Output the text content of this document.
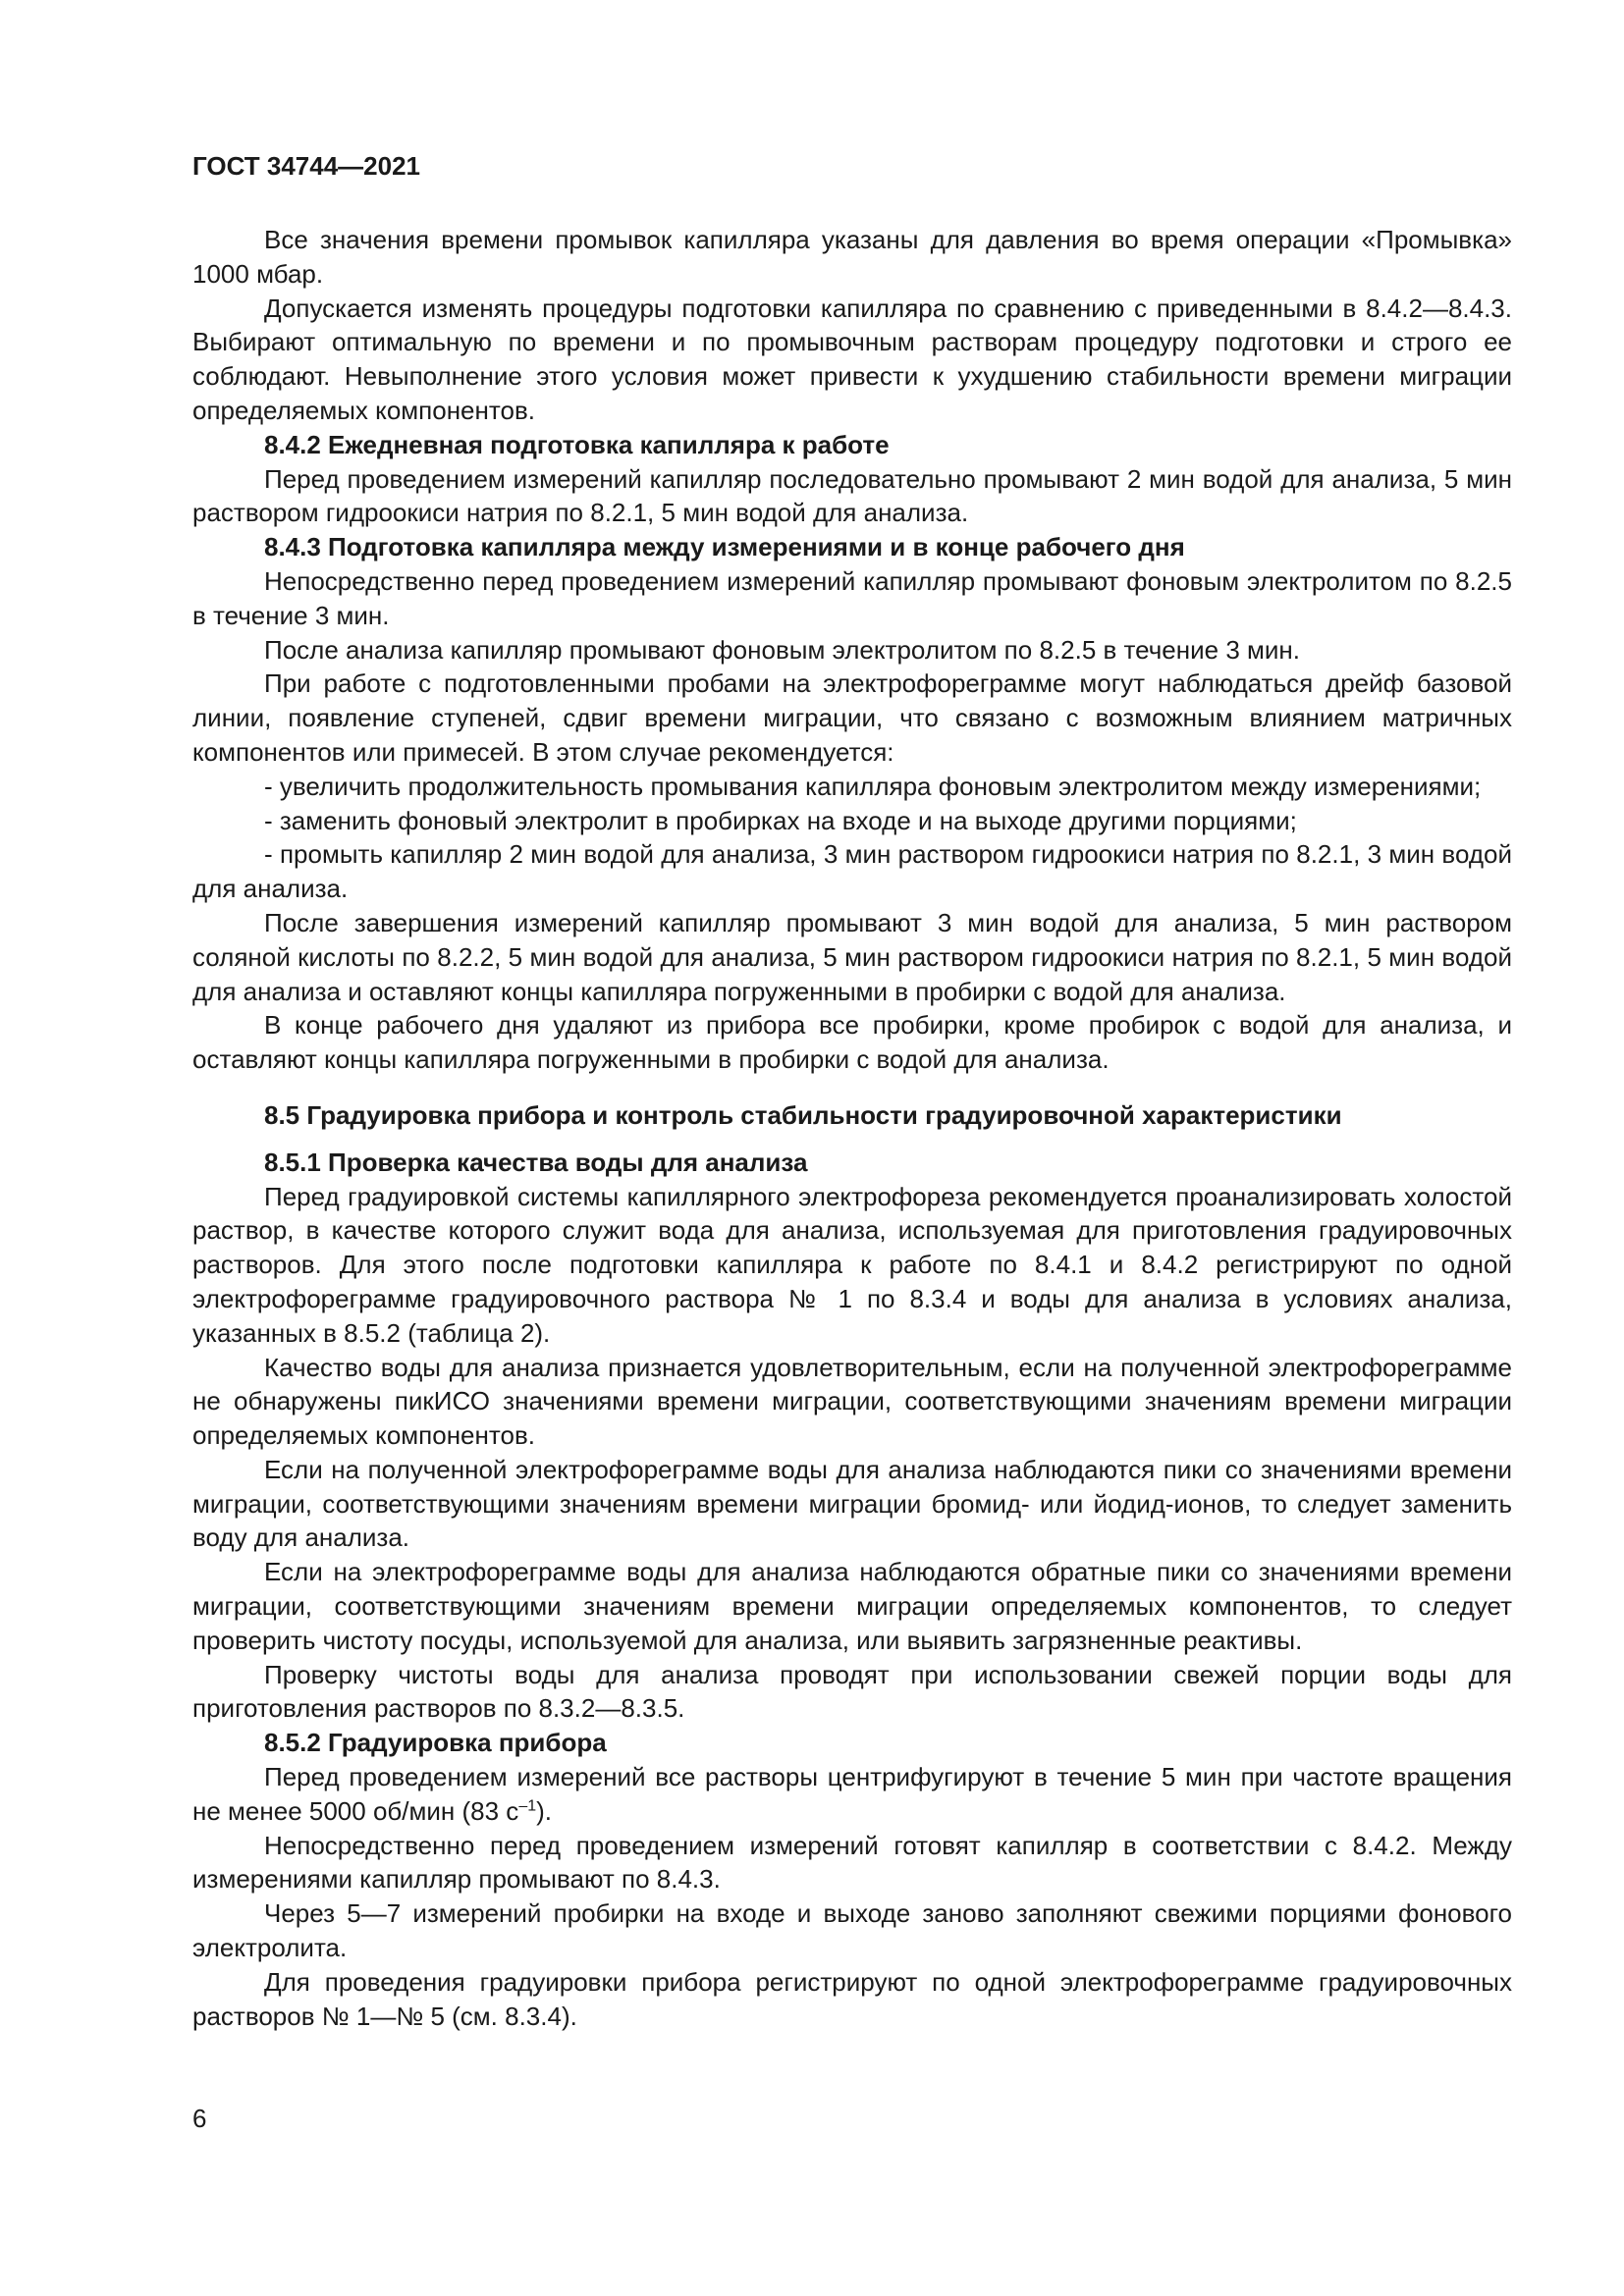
ГОСТ 34744—2021

Все значения времени промывок капилляра указаны для давления во время операции «Промывка» 1000 мбар.

Допускается изменять процедуры подготовки капилляра по сравнению с приведенными в 8.4.2—8.4.3. Выбирают оптимальную по времени и по промывочным растворам процедуру подготовки и строго ее соблюдают. Невыполнение этого условия может привести к ухудшению стабильности времени миграции определяемых компонентов.

8.4.2 Ежедневная подготовка капилляра к работе

Перед проведением измерений капилляр последовательно промывают 2 мин водой для анализа, 5 мин раствором гидроокиси натрия по 8.2.1, 5 мин водой для анализа.

8.4.3 Подготовка капилляра между измерениями и в конце рабочего дня

Непосредственно перед проведением измерений капилляр промывают фоновым электролитом по 8.2.5 в течение 3 мин.

После анализа капилляр промывают фоновым электролитом по 8.2.5 в течение 3 мин.

При работе с подготовленными пробами на электрофореграмме могут наблюдаться дрейф базовой линии, появление ступеней, сдвиг времени миграции, что связано с возможным влиянием матричных компонентов или примесей. В этом случае рекомендуется:

- увеличить продолжительность промывания капилляра фоновым электролитом между измерениями;

- заменить фоновый электролит в пробирках на входе и на выходе другими порциями;

- промыть капилляр 2 мин водой для анализа, 3 мин раствором гидроокиси натрия по 8.2.1, 3 мин водой для анализа.

После завершения измерений капилляр промывают 3 мин водой для анализа, 5 мин раствором соляной кислоты по 8.2.2, 5 мин водой для анализа, 5 мин раствором гидроокиси натрия по 8.2.1, 5 мин водой для анализа и оставляют концы капилляра погруженными в пробирки с водой для анализа.

В конце рабочего дня удаляют из прибора все пробирки, кроме пробирок с водой для анализа, и оставляют концы капилляра погруженными в пробирки с водой для анализа.

8.5 Градуировка прибора и контроль стабильности градуировочной характеристики

8.5.1 Проверка качества воды для анализа

Перед градуировкой системы капиллярного электрофореза рекомендуется проанализировать холостой раствор, в качестве которого служит вода для анализа, используемая для приготовления градуировочных растворов. Для этого после подготовки капилляра к работе по 8.4.1 и 8.4.2 регистрируют по одной электрофореграмме градуировочного раствора № 1 по 8.3.4 и воды для анализа в условиях анализа, указанных в 8.5.2 (таблица 2).

Качество воды для анализа признается удовлетворительным, если на полученной электрофореграмме не обнаружены пикИСО значениями времени миграции, соответствующими значениям времени миграции определяемых компонентов.

Если на полученной электрофореграмме воды для анализа наблюдаются пики со значениями времени миграции, соответствующими значениям времени миграции бромид- или йодид-ионов, то следует заменить воду для анализа.

Если на электрофореграмме воды для анализа наблюдаются обратные пики со значениями времени миграции, соответствующими значениям времени миграции определяемых компонентов, то следует проверить чистоту посуды, используемой для анализа, или выявить загрязненные реактивы.

Проверку чистоты воды для анализа проводят при использовании свежей порции воды для приготовления растворов по 8.3.2—8.3.5.

8.5.2 Градуировка прибора

Перед проведением измерений все растворы центрифугируют в течение 5 мин при частоте вращения не менее 5000 об/мин (83 $с^{-1}$).

Непосредственно перед проведением измерений готовят капилляр в соответствии с 8.4.2. Между измерениями капилляр промывают по 8.4.3.

Через 5—7 измерений пробирки на входе и выходе заново заполняют свежими порциями фонового электролита.

Для проведения градуировки прибора регистрируют по одной электрофореграмме градуировочных растворов № 1—№ 5 (см. 8.3.4).

6
